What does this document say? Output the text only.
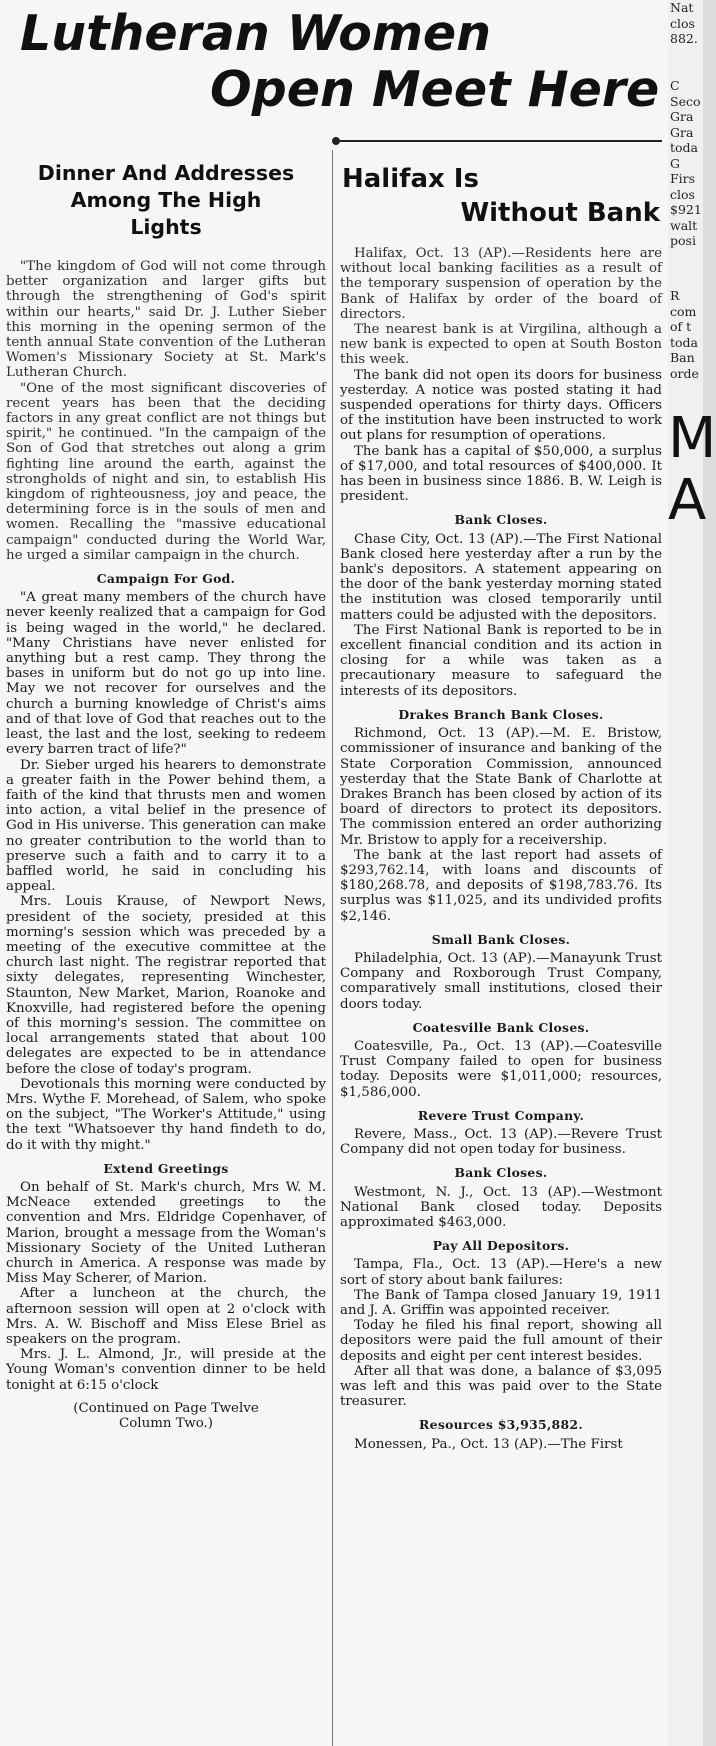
Lutheran Women
Open Meet Here
Dinner And Addresses
Among The High
Lights

"The kingdom of God will not come through better organization and larger gifts but through the strengthening of God's spirit within our hearts," said Dr. J. Luther Sieber this morning in the opening sermon of the tenth annual State convention of the Lutheran Women's Missionary Society at St. Mark's Lutheran Church.

"One of the most significant discoveries of recent years has been that the deciding factors in any great conflict are not things but spirit," he continued. "In the campaign of the Son of God that stretches out along a grim fighting line around the earth, against the strongholds of night and sin, to establish His kingdom of righteousness, joy and peace, the determining force is in the souls of men and women. Recalling the "massive educational campaign" conducted during the World War, he urged a similar campaign in the church.

Campaign For God.

"A great many members of the church have never keenly realized that a campaign for God is being waged in the world," he declared. "Many Christians have never enlisted for anything but a rest camp. They throng the bases in uniform but do not go up into line. May we not recover for ourselves and the church a burning knowledge of Christ's aims and of that love of God that reaches out to the least, the last and the lost, seeking to redeem every barren tract of life?"

Dr. Sieber urged his hearers to demonstrate a greater faith in the Power behind them, a faith of the kind that thrusts men and women into action, a vital belief in the presence of God in His universe. This generation can make no greater contribution to the world than to preserve such a faith and to carry it to a baffled world, he said in concluding his appeal.

Mrs. Louis Krause, of Newport News, president of the society, presided at this morning's session which was preceded by a meeting of the executive committee at the church last night. The registrar reported that sixty delegates, representing Winchester, Staunton, New Market, Marion, Roanoke and Knoxville, had registered before the opening of this morning's session. The committee on local arrangements stated that about 100 delegates are expected to be in attendance before the close of today's program.

Devotionals this morning were conducted by Mrs. Wythe F. Morehead, of Salem, who spoke on the subject, "The Worker's Attitude," using the text "Whatsoever thy hand findeth to do, do it with thy might."

Extend Greetings

On behalf of St. Mark's church, Mrs W. M. McNeace extended greetings to the convention and Mrs. Eldridge Copenhaver, of Marion, brought a message from the Woman's Missionary Society of the United Lutheran church in America. A response was made by Miss May Scherer, of Marion.

After a luncheon at the church, the afternoon session will open at 2 o'clock with Mrs. A. W. Bischoff and Miss Elese Briel as speakers on the program.

Mrs. J. L. Almond, Jr., will preside at the Young Woman's convention dinner to be held tonight at 6:15 o'clock

(Continued on Page Twelve
Column Two.)
Halifax Is
Without Bank

Halifax, Oct. 13 (AP).—Residents here are without local banking facilities as a result of the temporary suspension of operation by the Bank of Halifax by order of the board of directors.

The nearest bank is at Virgilina, although a new bank is expected to open at South Boston this week.

The bank did not open its doors for business yesterday. A notice was posted stating it had suspended operations for thirty days. Officers of the institution have been instructed to work out plans for resumption of operations.

The bank has a capital of $50,000, a surplus of $17,000, and total resources of $400,000. It has been in business since 1886. B. W. Leigh is president.

Bank Closes.

Chase City, Oct. 13 (AP).—The First National Bank closed here yesterday after a run by the bank's depositors. A statement appearing on the door of the bank yesterday morning stated the institution was closed temporarily until matters could be adjusted with the depositors.

The First National Bank is reported to be in excellent financial condition and its action in closing for a while was taken as a precautionary measure to safeguard the interests of its depositors.

Drakes Branch Bank Closes.

Richmond, Oct. 13 (AP).—M. E. Bristow, commissioner of insurance and banking of the State Corporation Commission, announced yesterday that the State Bank of Charlotte at Drakes Branch has been closed by action of its board of directors to protect its depositors. The commission entered an order authorizing Mr. Bristow to apply for a receivership.

The bank at the last report had assets of $293,762.14, with loans and discounts of $180,268.78, and deposits of $198,783.76. Its surplus was $11,025, and its undivided profits $2,146.

Small Bank Closes.

Philadelphia, Oct. 13 (AP).—Manayunk Trust Company and Roxborough Trust Company, comparatively small institutions, closed their doors today.

Coatesville Bank Closes.

Coatesville, Pa., Oct. 13 (AP).—Coatesville Trust Company failed to open for business today. Deposits were $1,011,000; resources, $1,586,000.

Revere Trust Company.

Revere, Mass., Oct. 13 (AP).—Revere Trust Company did not open today for business.

Bank Closes.

Westmont, N. J., Oct. 13 (AP).—Westmont National Bank closed today. Deposits approximated $463,000.

Pay All Depositors.

Tampa, Fla., Oct. 13 (AP).—Here's a new sort of story about bank failures:

The Bank of Tampa closed January 19, 1911 and J. A. Griffin was appointed receiver.

Today he filed his final report, showing all depositors were paid the full amount of their deposits and eight per cent interest besides.

After all that was done, a balance of $3,095 was left and this was paid over to the State treasurer.

Resources $3,935,882.

Monessen, Pa., Oct. 13 (AP).—The First

Nat
clos
882.
C
Seco
Gra
Gra
toda
G
Firs
clos
$921
walt
posi
R
com
of t
toda
Ban
orde
M
A
